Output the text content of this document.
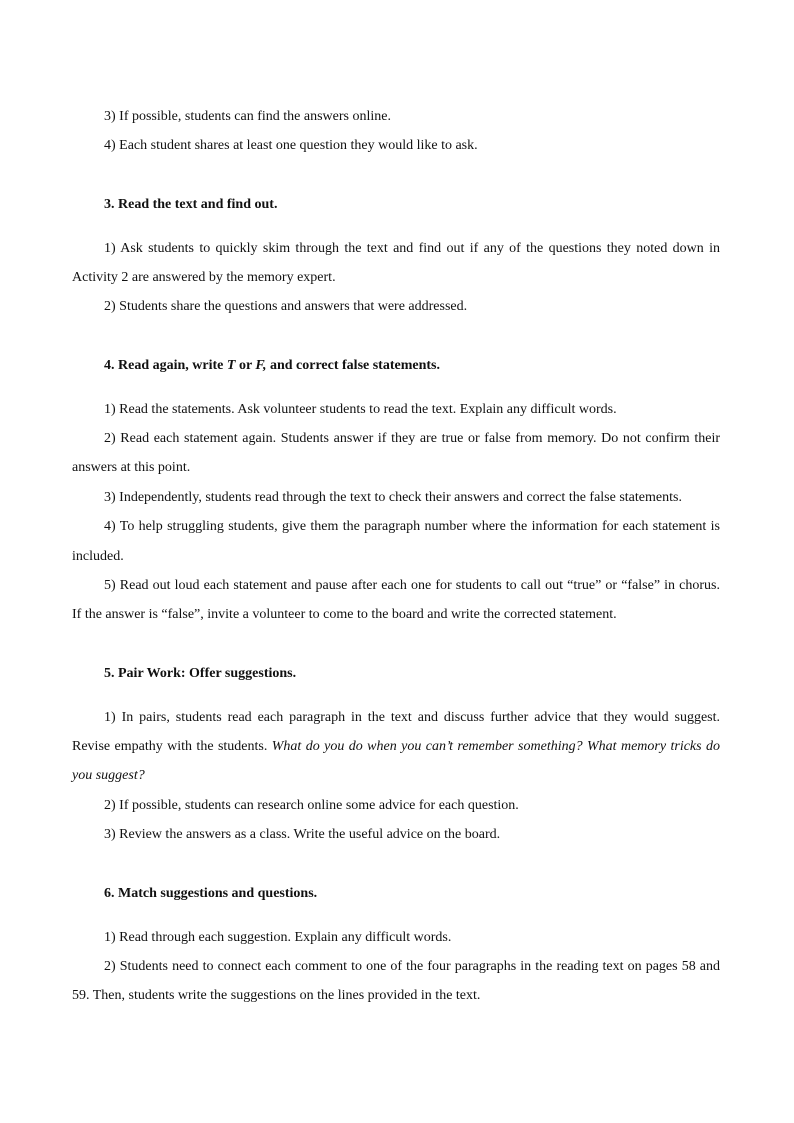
3) If possible, students can find the answers online.

4) Each student shares at least one question they would like to ask.

3. Read the text and find out.

1) Ask students to quickly skim through the text and find out if any of the questions they noted down in Activity 2 are answered by the memory expert.

2) Students share the questions and answers that were addressed.

4. Read again, write T or F, and correct false statements.

1) Read the statements. Ask volunteer students to read the text. Explain any difficult words.

2) Read each statement again. Students answer if they are true or false from memory. Do not confirm their answers at this point.

3) Independently, students read through the text to check their answers and correct the false statements.

4) To help struggling students, give them the paragraph number where the information for each statement is included.

5) Read out loud each statement and pause after each one for students to call out “true” or “false” in chorus. If the answer is “false”, invite a volunteer to come to the board and write the corrected statement.

5. Pair Work: Offer suggestions.

1) In pairs, students read each paragraph in the text and discuss further advice that they would suggest. Revise empathy with the students. What do you do when you can’t remember something? What memory tricks do you suggest?

2) If possible, students can research online some advice for each question.

3) Review the answers as a class. Write the useful advice on the board.

6. Match suggestions and questions.

1) Read through each suggestion. Explain any difficult words.

2) Students need to connect each comment to one of the four paragraphs in the reading text on pages 58 and 59. Then, students write the suggestions on the lines provided in the text.
